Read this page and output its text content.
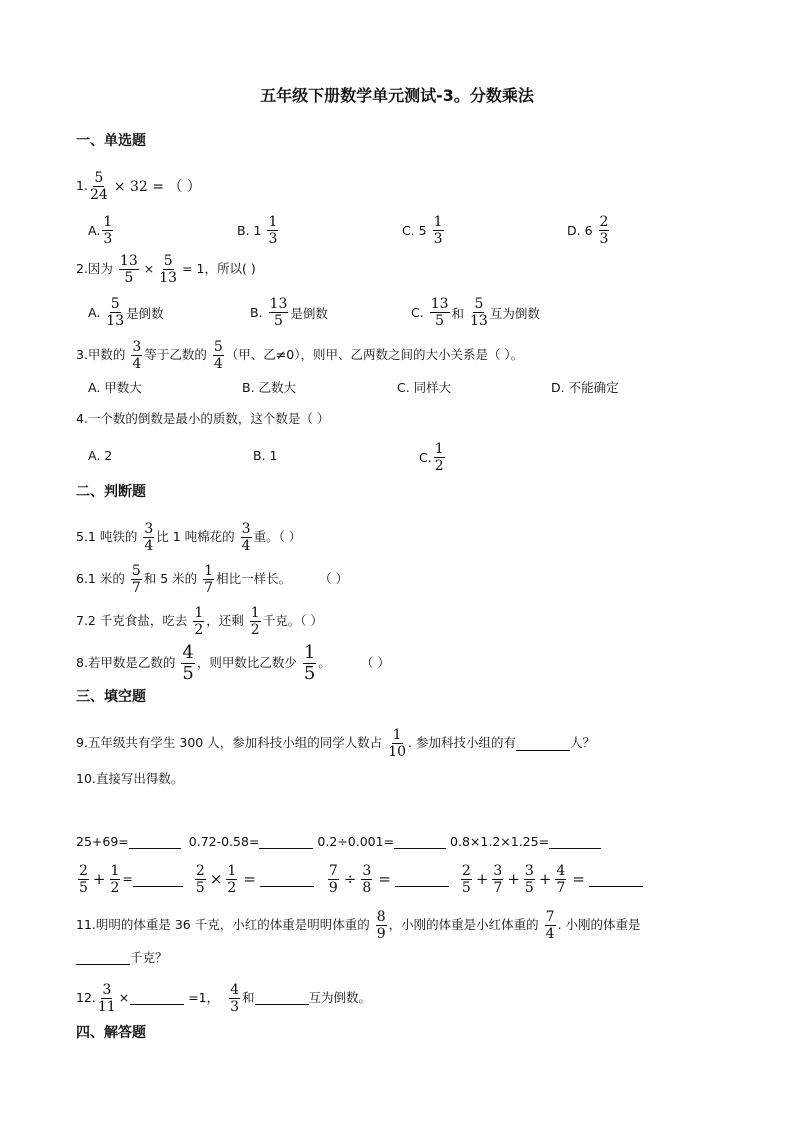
五年级下册数学单元测试-3。分数乘法
一、单选题
1. $\frac{5}{24} \times 32$ = （ ）
A.
1
3
B. 1

1
3
C. 5

1
3
D. 6

2
3
2.因为
$\frac{13}{5} \times \frac{5}{13} = 1$，所以( )
A.

5
13 是倒数	B.

13
5 是倒数	C.

13
5 和

5
13 互为倒数
3.甲数的
3
4
等于乙数的
5
4
（甲、乙≠0），则甲、乙两数之间的大小关系是（ ）。
A. 甲数大	B. 乙数大	C. 同样大	D. 不能确定
4.一个数的倒数是最小的质数，这个数是（ ）
A. 2	B. 1	C.
1
2
二、判断题
5.1 吨铁的
3
4
比 1 吨棉花的
3
4
重。（ ）
6.1 米的
5
7
和 5 米的
1
7
相比一样长。 （ ）
7.2 千克食盐，吃去
1
2
，还剩
1
2
千克。（ ）
8.若甲数是乙数的
4
5
，则甲数比乙数少
1
5
。 （ ）
三、填空题
9.五年级共有学生 300 人，参加科技小组的同学人数占
1
10
. 参加科技小组的有	人？
10.直接写出得数。
25+69=	0.72-0.58=	0.2÷0.001=	0.8×1.2×1.25=
2
$5 + \frac{1}{2}$ =	$\frac{2}{5} \times \frac{1}{2}$ =	$\frac{7}{9} \div \frac{3}{8}$ =	2
$5 + \frac{3}{7} + \frac{3}{5} + \frac{4}{7}$ =
11.明明的体重是 36 千克，小红的体重是明明体重的
8
9
，小刚的体重是小红体重的
7
4
. 小刚的体重是
千克？
12. $\frac{3}{11}$ ×	=1，
4
3
和	互为倒数。
四、解答题
